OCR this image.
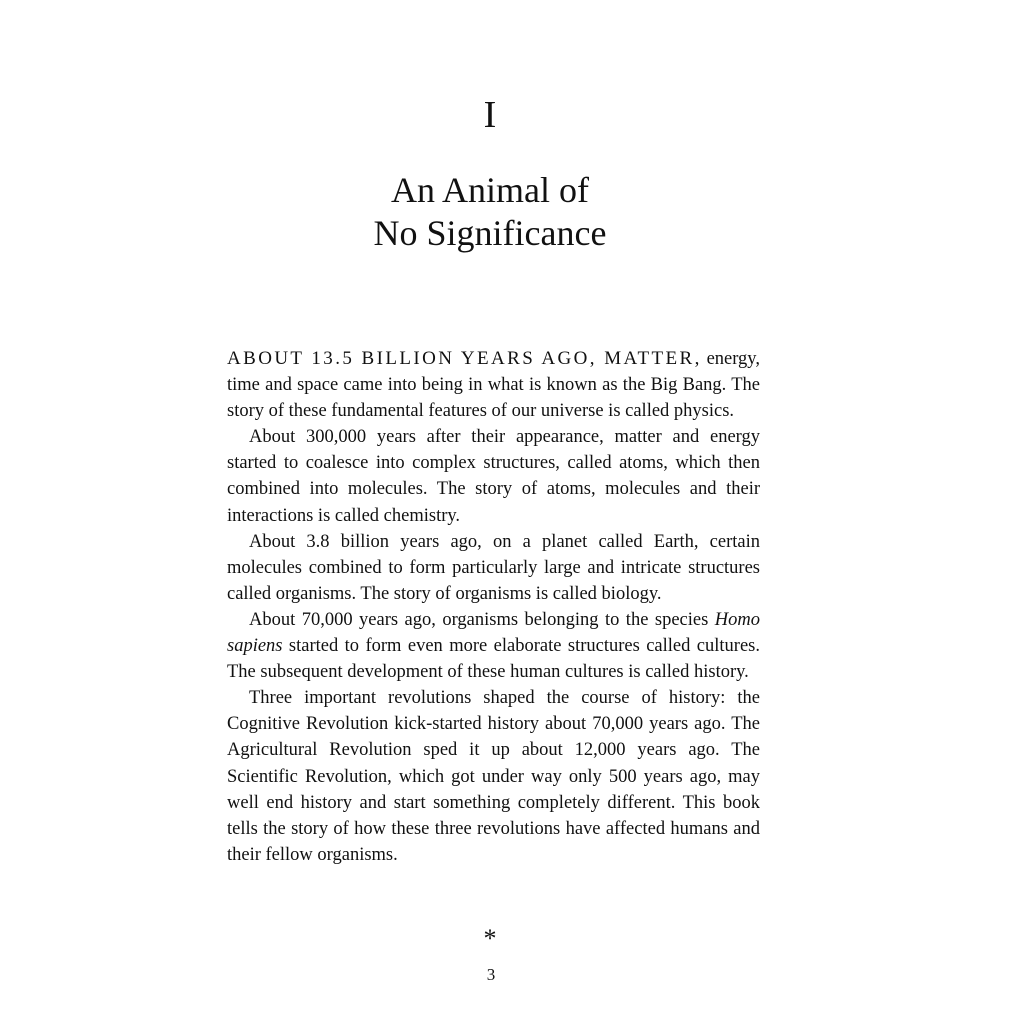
I
An Animal of
No Significance

ABOUT 13.5 BILLION YEARS AGO, MATTER, energy, time and space came into being in what is known as the Big Bang. The story of these fundamental features of our universe is called physics.

About 300,000 years after their appearance, matter and energy started to coalesce into complex structures, called atoms, which then combined into molecules. The story of atoms, molecules and their interactions is called chemistry.

About 3.8 billion years ago, on a planet called Earth, certain molecules combined to form particularly large and intricate structures called organisms. The story of organisms is called biology.

About 70,000 years ago, organisms belonging to the species Homo sapiens started to form even more elaborate structures called cultures. The subsequent development of these human cultures is called history.

Three important revolutions shaped the course of history: the Cognitive Revolution kick-started history about 70,000 years ago. The Agricultural Revolution sped it up about 12,000 years ago. The Scientific Revolution, which got under way only 500 years ago, may well end history and start something completely different. This book tells the story of how these three revolutions have affected humans and their fellow organisms.

*
3
